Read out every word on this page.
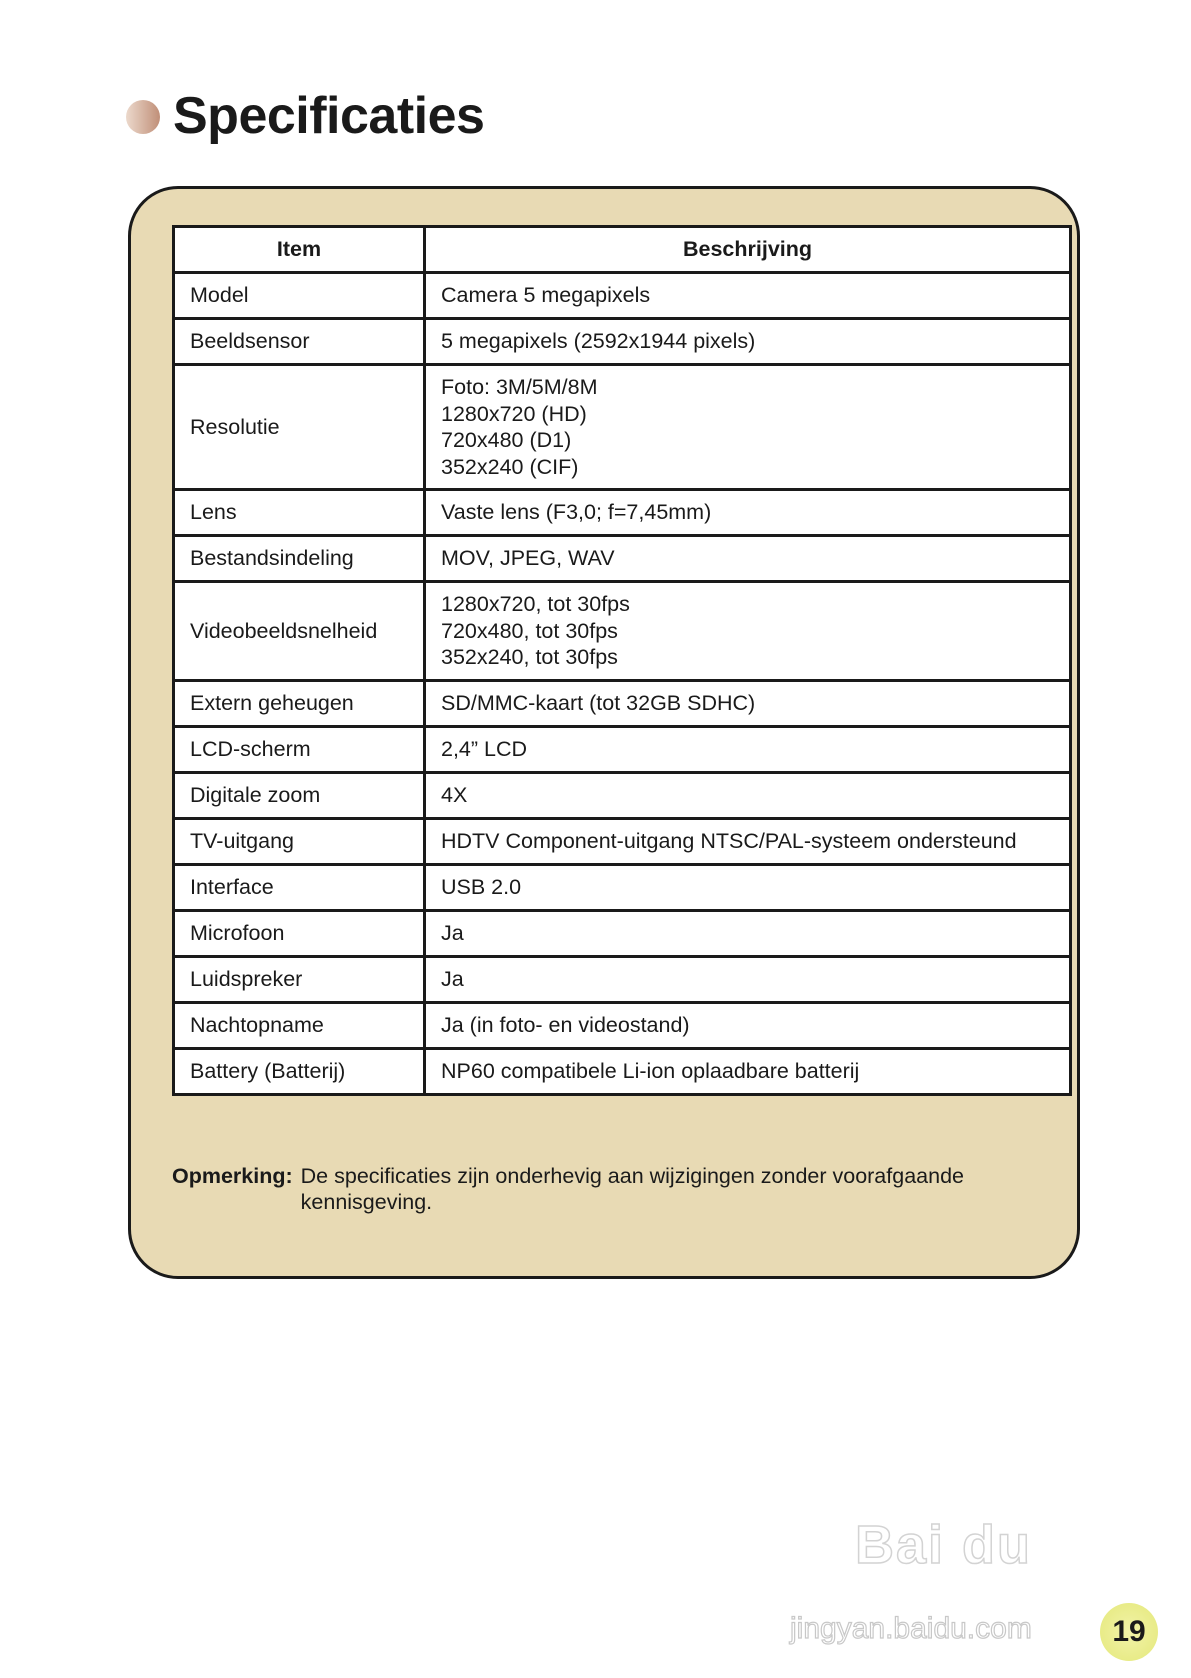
Specificaties
Item	Beschrijving
Model	Camera 5 megapixels

Beeldsensor	5 megapixels (2592x1944 pixels)

Resolutie	Foto: 3M/5M/8M
1280x720 (HD)
720x480 (D1)
352x240 (CIF)

Lens	Vaste lens (F3,0; f=7,45mm)

Bestandsindeling	MOV, JPEG, WAV

Videobeeldsnelheid	1280x720, tot 30fps
720x480, tot 30fps
352x240, tot 30fps

Extern geheugen	SD/MMC-kaart (tot 32GB SDHC)

LCD-scherm	2,4” LCD

Digitale zoom	4X

TV-uitgang	HDTV Component-uitgang NTSC/PAL-systeem ondersteund

Interface	USB 2.0

Microfoon	Ja

Luidspreker	Ja

Nachtopname	Ja (in foto- en videostand)

Battery (Batterij)	NP60 compatibele Li-ion oplaadbare batterij
Opmerking: De specificaties zijn onderhevig aan wijzigingen zonder voorafgaande kennisgeving.
Bai du
jingyan.baidu.com	19
